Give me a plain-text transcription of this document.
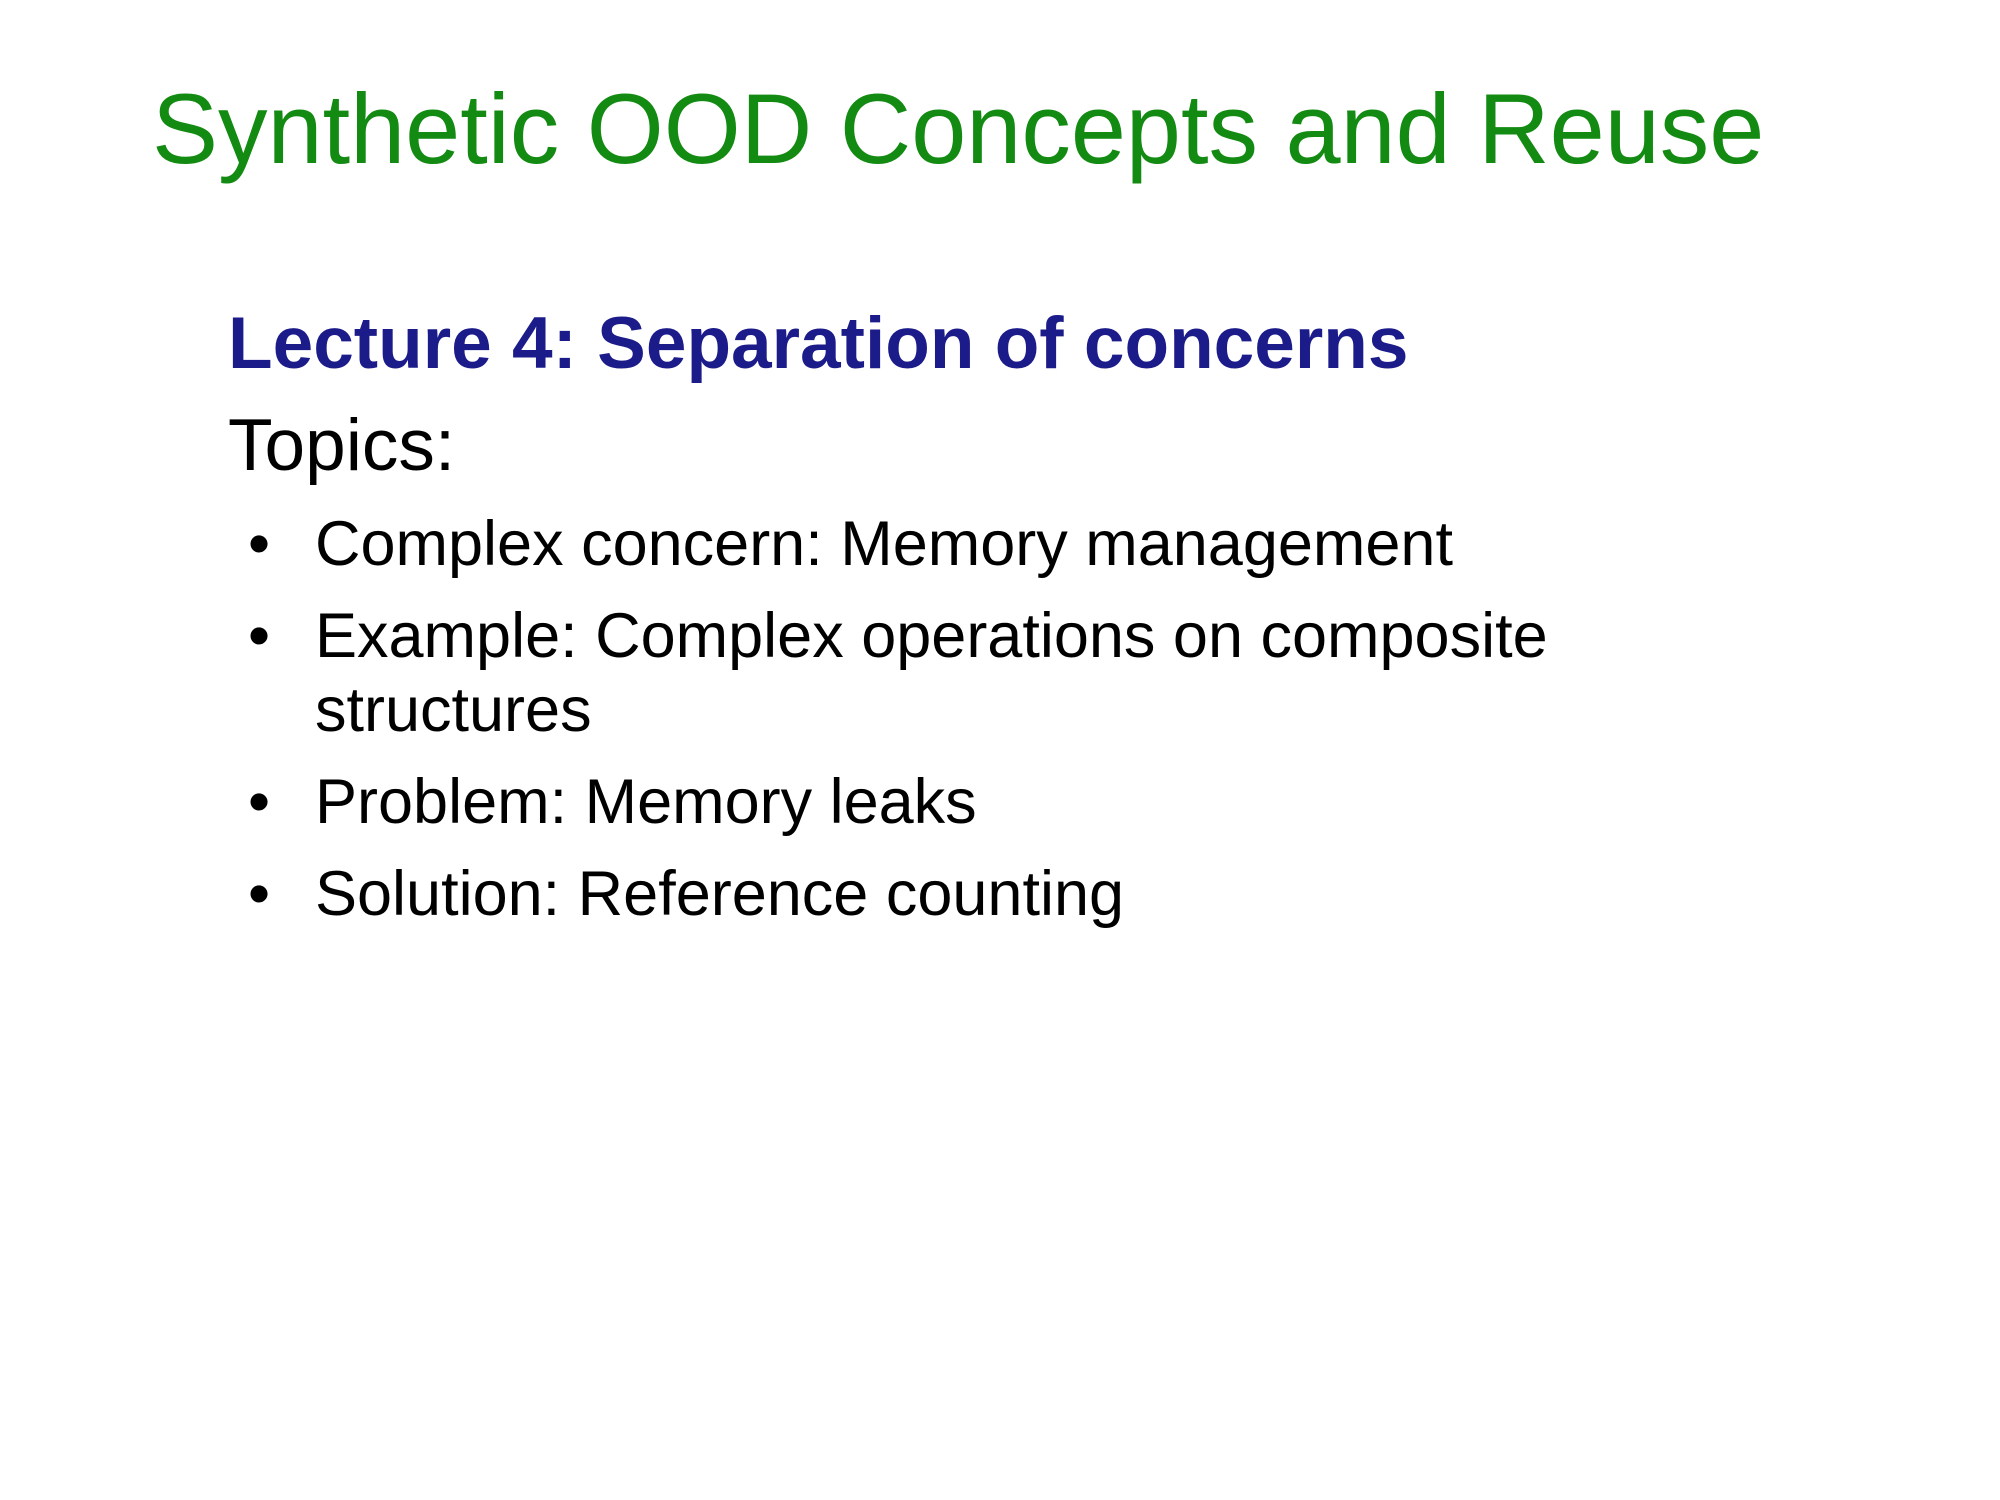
Synthetic OOD Concepts and Reuse
Lecture 4: Separation of concerns
Topics:
• Complex concern: Memory management
• Example: Complex operations on composite structures
• Problem: Memory leaks
• Solution: Reference counting
